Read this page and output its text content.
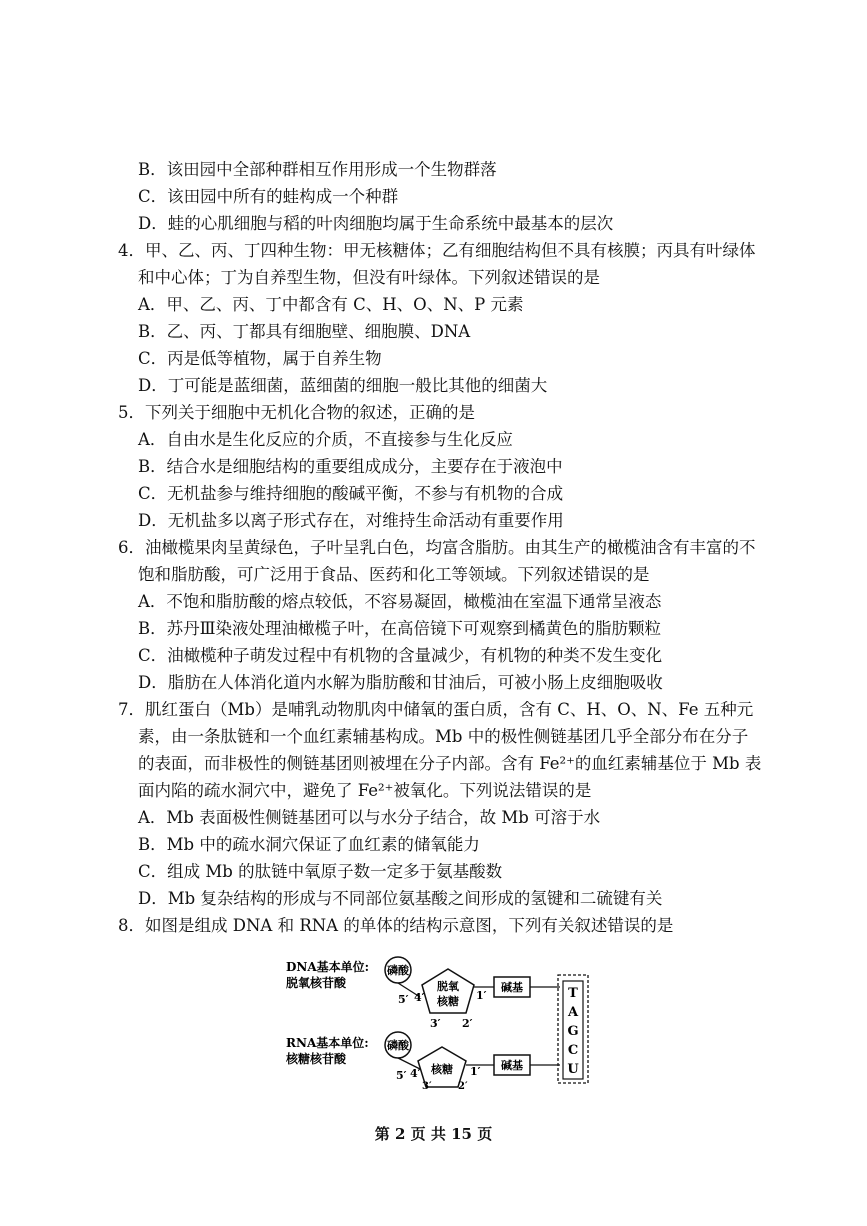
B．该田园中全部种群相互作用形成一个生物群落
C．该田园中所有的蛙构成一个种群
D．蛙的心肌细胞与稻的叶肉细胞均属于生命系统中最基本的层次
4．甲、乙、丙、丁四种生物：甲无核糖体；乙有细胞结构但不具有核膜；丙具有叶绿体
和中心体；丁为自养型生物，但没有叶绿体。下列叙述错误的是
A．甲、乙、丙、丁中都含有 C、H、O、N、P 元素
B．乙、丙、丁都具有细胞壁、细胞膜、DNA
C．丙是低等植物，属于自养生物
D．丁可能是蓝细菌，蓝细菌的细胞一般比其他的细菌大
5．下列关于细胞中无机化合物的叙述，正确的是
A．自由水是生化反应的介质，不直接参与生化反应
B．结合水是细胞结构的重要组成成分，主要存在于液泡中
C．无机盐参与维持细胞的酸碱平衡，不参与有机物的合成
D．无机盐多以离子形式存在，对维持生命活动有重要作用
6．油橄榄果肉呈黄绿色，子叶呈乳白色，均富含脂肪。由其生产的橄榄油含有丰富的不
饱和脂肪酸，可广泛用于食品、医药和化工等领域。下列叙述错误的是
A．不饱和脂肪酸的熔点较低，不容易凝固，橄榄油在室温下通常呈液态
B．苏丹Ⅲ染液处理油橄榄子叶，在高倍镜下可观察到橘黄色的脂肪颗粒
C．油橄榄种子萌发过程中有机物的含量减少，有机物的种类不发生变化
D．脂肪在人体消化道内水解为脂肪酸和甘油后，可被小肠上皮细胞吸收
7．肌红蛋白（Mb）是哺乳动物肌肉中储氧的蛋白质，含有 C、H、O、N、Fe 五种元
素，由一条肽链和一个血红素辅基构成。Mb 中的极性侧链基团几乎全部分布在分子
的表面，而非极性的侧链基团则被埋在分子内部。含有 Fe²⁺的血红素辅基位于 Mb 表
面内陷的疏水洞穴中，避免了 Fe²⁺被氧化。下列说法错误的是
A．Mb 表面极性侧链基团可以与水分子结合，故 Mb 可溶于水
B．Mb 中的疏水洞穴保证了血红素的储氧能力
C．组成 Mb 的肽链中氧原子数一定多于氨基酸数
D．Mb 复杂结构的形成与不同部位氨基酸之间形成的氢键和二硫键有关
8．如图是组成 DNA 和 RNA 的单体的结构示意图，下列有关叙述错误的是
DNA基本单位:
脱氧核苷酸
磷酸
脱氧
核糖
5′ 4′
3′ 2′
1′
碱基
RNA基本单位:
核糖核苷酸
磷酸
核糖
5′ 4′
3′	2′
1′ 碱基
T
A
G
C
U
第 2 页 共 15 页
